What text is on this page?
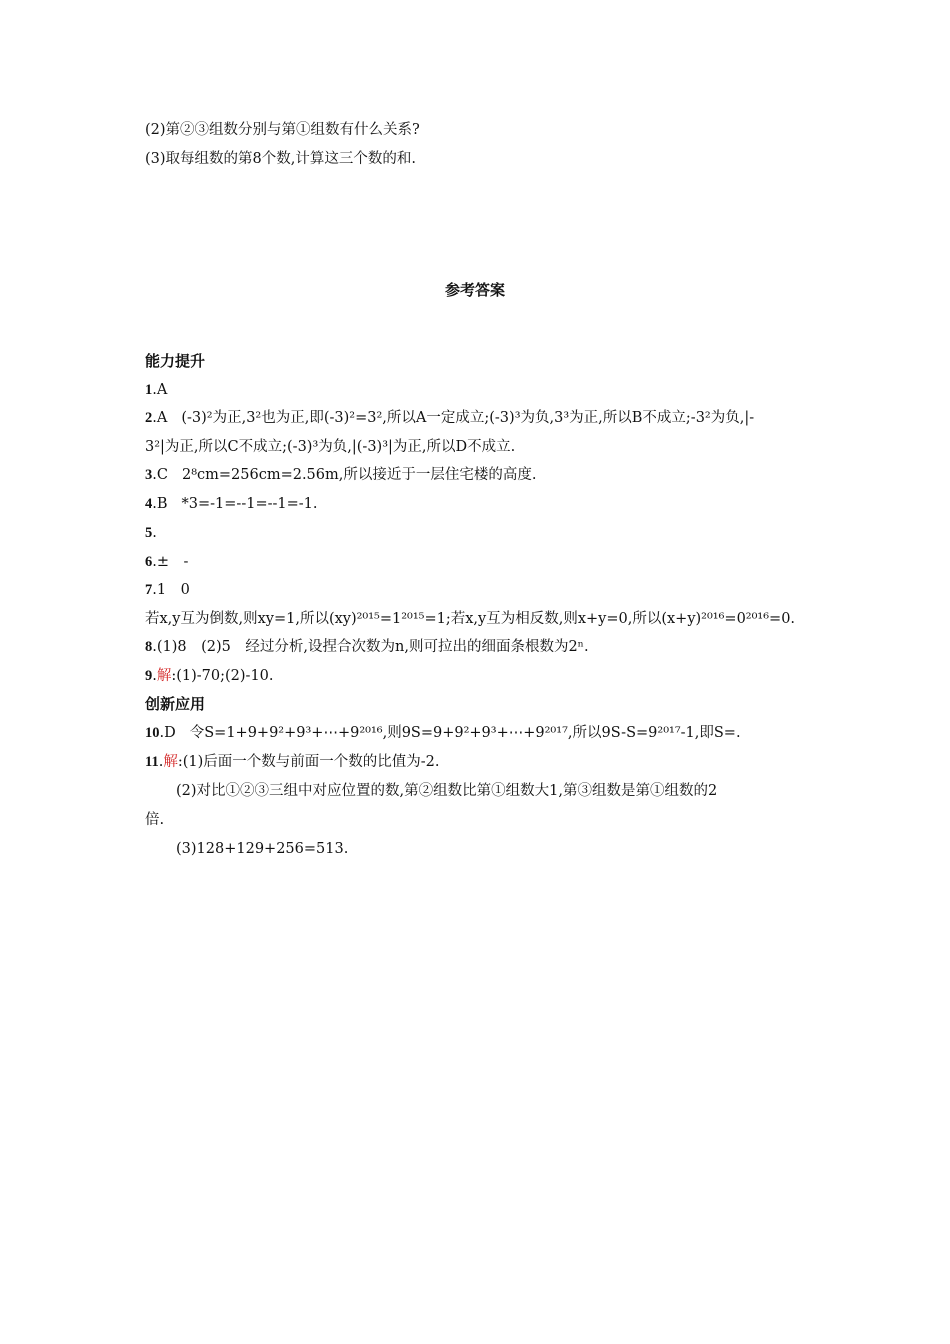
(2)第②③组数分别与第①组数有什么关系?
(3)取每组数的第8个数,计算这三个数的和.
参考答案
能力提升
1.A
2.A (-3)²为正,3²也为正,即(-3)²=3²,所以A一定成立;(-3)³为负,3³为正,所以B不成立;-3²为负,|-
3²|为正,所以C不成立;(-3)³为负,|(-3)³|为正,所以D不成立.
3.C 2⁸cm=256cm=2.56m,所以接近于一层住宅楼的高度.
4.B *3=-1=--1=--1=-1.
5.
6.±　-
7.1　0
若x,y互为倒数,则xy=1,所以(xy)²⁰¹⁵=1²⁰¹⁵=1;若x,y互为相反数,则x+y=0,所以(x+y)²⁰¹⁶=0²⁰¹⁶=0.
8.(1)8　(2)5　经过分析,设捏合次数为n,则可拉出的细面条根数为2ⁿ.
9.解:(1)-70;(2)-10.
创新应用
10.D 令S=1+9+9²+9³+⋯+9²⁰¹⁶,则9S=9+9²+9³+⋯+9²⁰¹⁷,所以9S-S=9²⁰¹⁷-1,即S=.
11.解:(1)后面一个数与前面一个数的比值为-2.
(2)对比①②③三组中对应位置的数,第②组数比第①组数大1,第③组数是第①组数的2
倍.
(3)128+129+256=513.
